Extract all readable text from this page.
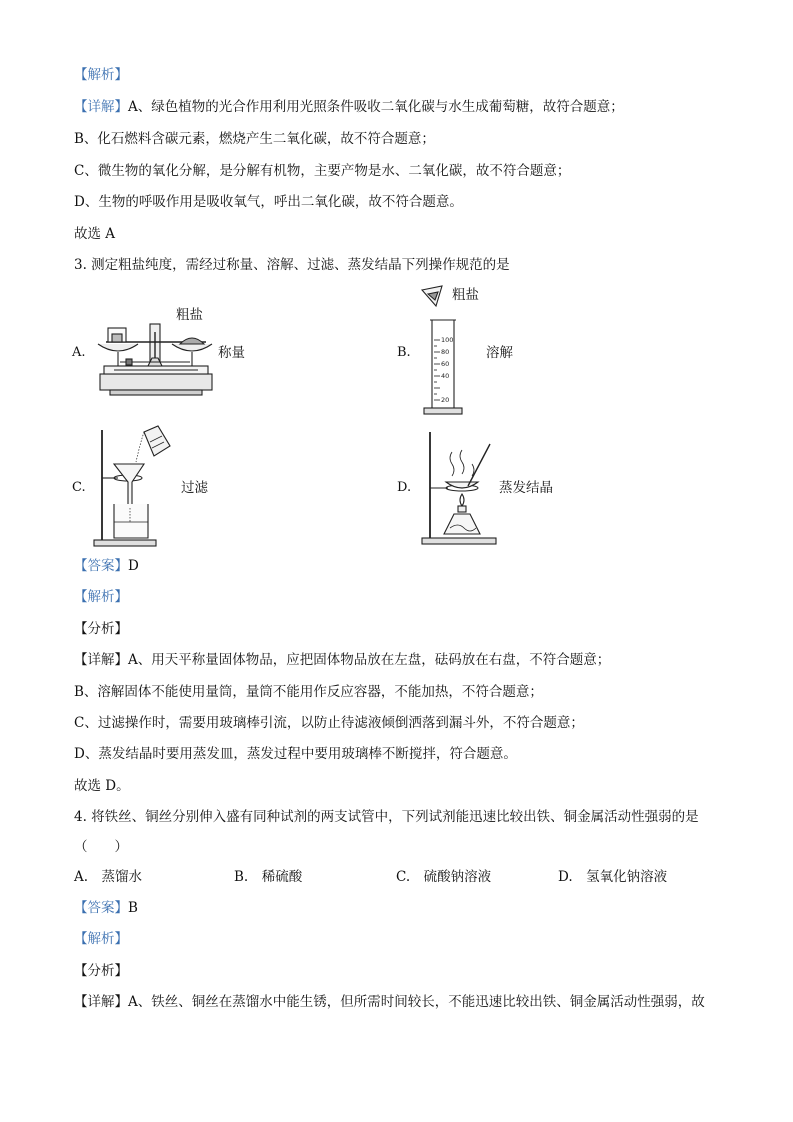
【解析】
【详解】A、绿色植物的光合作用利用光照条件吸收二氧化碳与水生成葡萄糖，故符合题意；
B、化石燃料含碳元素，燃烧产生二氧化碳，故不符合题意；
C、微生物的氧化分解，是分解有机物，主要产物是水、二氧化碳，故不符合题意；
D、生物的呼吸作用是吸收氧气，呼出二氧化碳，故不符合题意。
故选 A
3. 测定粗盐纯度，需经过称量、溶解、过滤、蒸发结晶下列操作规范的是
A.
粗盐
称量	B.
粗盐
溶解
100
80
60
40
20
C.	过滤	D.	蒸发结晶
【答案】D
【解析】
【分析】
【详解】A、用天平称量固体物品，应把固体物品放在左盘，砝码放在右盘，不符合题意；
B、溶解固体不能使用量筒，量筒不能用作反应容器，不能加热，不符合题意；
C、过滤操作时，需要用玻璃棒引流，以防止待滤液倾倒洒落到漏斗外，不符合题意；
D、蒸发结晶时要用蒸发皿，蒸发过程中要用玻璃棒不断搅拌，符合题意。
故选 D。
4. 将铁丝、铜丝分别伸入盛有同种试剂的两支试管中，下列试剂能迅速比较出铁、铜金属活动性强弱的是
（　　）
A.　蒸馏水	B.　稀硫酸	C.　硫酸钠溶液	D.　氢氧化钠溶液
【答案】B
【解析】
【分析】
【详解】A、铁丝、铜丝在蒸馏水中能生锈，但所需时间较长，不能迅速比较出铁、铜金属活动性强弱，故
